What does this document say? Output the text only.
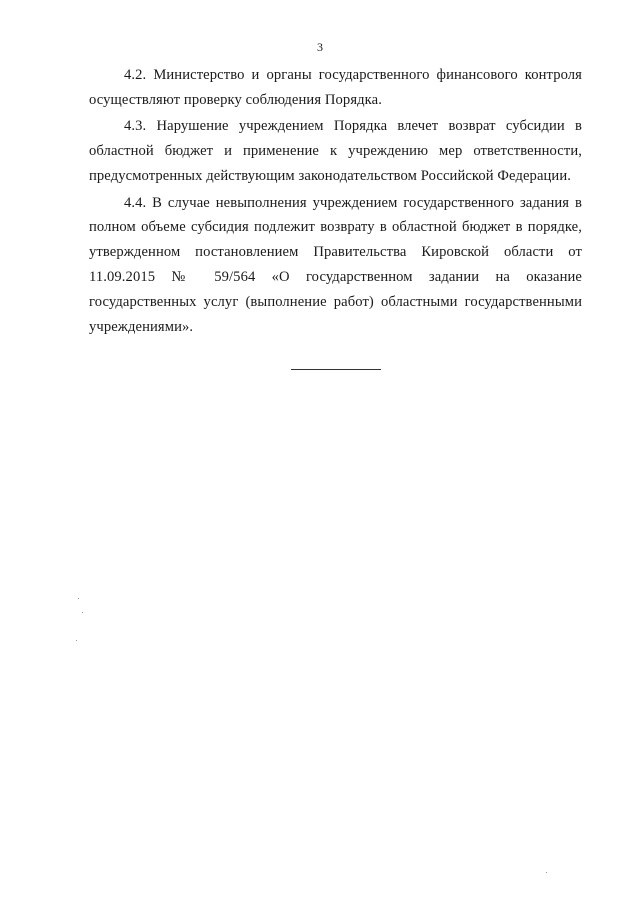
3

4.2. Министерство и органы государственного финансового контроля осуществляют проверку соблюдения Порядка.

4.3. Нарушение учреждением Порядка влечет возврат субсидии в областной бюджет и применение к учреждению мер ответственности, предусмотренных действующим законодательством Российской Федерации.

4.4. В случае невыполнения учреждением государственного задания в полном объеме субсидия подлежит возврату в областной бюджет в порядке, утвержденном постановлением Правительства Кировской области от 11.09.2015 № 59/564 «О государственном задании на оказание государственных услуг (выполнение работ) областными государственными учреждениями».
